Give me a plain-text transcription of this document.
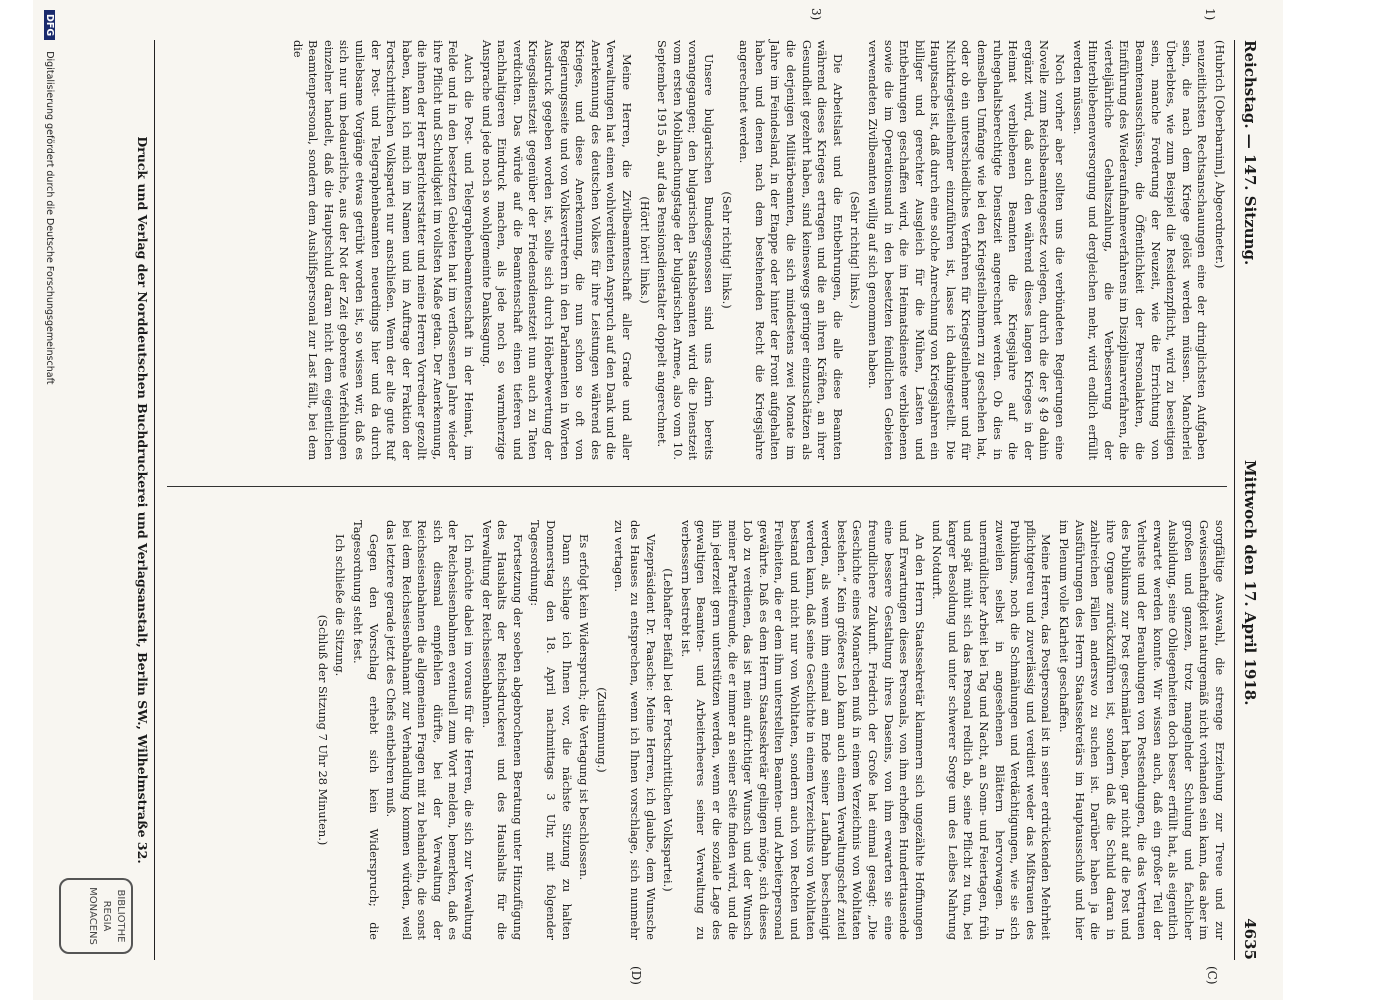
Reichstag. — 147. Sitzung.
Mittwoch den 17. April 1918.
4635
1)
3)
(C)
(D)

(Hubrich [Oberbarnim], Abgeordneter.)

neuzeitlichsten Rechtsanschauungen eine der dringlichsten Aufgaben sein, die nach dem Kriege gelöst werden müssen. Mancherlei Überlebtes, wie zum Beispiel die Residenzpflicht, wird zu beseitigen sein, manche Forderung der Neuzeit, wie die Errichtung von Beamtenausschüssen, die Öffentlichkeit der Personalakten, die Einführung des Wiederaufnahmeverfahrens im Disziplinarverfahren, die vierteljährliche Gehaltszahlung, die Verbesserung der Hinterbliebenenversorgung und dergleichen mehr, wird endlich erfüllt werden müssen.

Noch vorher aber sollten uns die verbündeten Regierungen eine Novelle zum Reichsbeamtengesetz vorlegen, durch die der § 49 dahin ergänzt wird, daß auch den während dieses langen Krieges in der Heimat verbliebenen Beamten die Kriegsjahre auf die ruhegehaltsberechtigte Dienstzeit angerechnet werden. Ob dies in demselben Umfange wie bei den Kriegsteilnehmern zu geschehen hat, oder ob ein unterschiedliches Verfahren für Kriegsteilnehmer und für Nichtkriegsteilnehmer einzuführen ist, lasse ich dahingestellt. Die Hauptsache ist, daß durch eine solche Anrechnung von Kriegsjahren ein billiger und gerechter Ausgleich für die Mühen, Lasten und Entbehrungen geschaffen wird, die im Heimatsdienste verbliebenen sowie die im Operationsund in den besetzten feindlichen Gebieten verwendeten Zivilbeamten willig auf sich genommen haben.

(Sehr richtig! links.)

Die Arbeitslast und die Entbehrungen, die alle diese Beamten während dieses Krieges ertragen und die an ihren Kräften, an ihrer Gesundheit gezehrt haben, sind keineswegs geringer einzuschätzen als die derjenigen Militärbeamten, die sich mindestens zwei Monate im Jahre im Feindesland, in der Etappe oder hinter der Front aufgehalten haben und denen nach dem bestehenden Recht die Kriegsjahre angerechnet werden.

(Sehr richtig! links.)

Unsere bulgarischen Bundesgenossen sind uns darin bereits vorangegangen; den bulgarischen Staatsbeamten wird die Dienstzeit vom ersten Mobilmachungstage der bulgarischen Armee, also vom 10. September 1915 ab, auf das Pensionsdienstalter doppelt angerechnet.

(Hört! hört! links.)

Meine Herren, die Zivilbeamtenschaft aller Grade und aller Verwaltungen hat einen wohlverdienten Anspruch auf den Dank und die Anerkennung des deutschen Volkes für ihre Leistungen während des Krieges, und diese Anerkennung, die nun schon so oft von Regierungsseite und von Volksvertretern in den Parlamenten in Worten Ausdruck gegeben worden ist, sollte sich durch Höherbewertung der Kriegsdienstzeit gegenüber der Friedensdienstzeit nun auch zu Taten verdichten. Das würde auf die Beamtenschaft einen tieferen und nachhaltigeren Eindruck machen, als jede noch so warmherzige Ansprache und jede noch so wohlgemeinte Danksagung.

Auch die Post- und Telegraphenbeamtenschaft in der Heimat, im Felde und in den besetzten Gebieten hat im verflossenen Jahre wieder ihre Pflicht und Schuldigkeit im vollsten Maße getan. Der Anerkennung, die ihnen der Herr Berichterstatter und meine Herren Vorredner gezollt haben, kann ich mich im Namen und im Auftrage der Fraktion der Fortschrittlichen Volkspartei nur anschließen. Wenn der alte gute Ruf der Post- und Telegraphenbeamten neuerdings hier und da durch unliebsame Vorgänge etwas getrübt worden ist, so wissen wir, daß es sich nur um bedauerliche, aus der Not der Zeit geborene Verfehlungen einzelner handelt, daß die Hauptschuld daran nicht dem eigentlichen Beamtenpersonal, sondern dem Aushilfspersonal zur Last fällt, bei dem die

sorgfältige Auswahl, die strenge Erziehung zur Treue und zur Gewissenhaftigkeit naturgemäß nicht vorhanden sein kann, das aber im großen und ganzen, trotz mangelnder Schulung und fachlicher Ausbildung, seine Obliegenheiten doch besser erfüllt hat, als eigentlich erwartet werden konnte. Wir wissen auch, daß ein großer Teil der Verluste und der Beraubungen von Postsendungen, die das Vertrauen des Publikums zur Post geschmälert haben, gar nicht auf die Post und ihre Organe zurückzuführen ist, sondern daß die Schuld daran in zahlreichen Fällen anderswo zu suchen ist. Darüber haben ja die Ausführungen des Herrn Staatssekretärs im Hauptausschuß und hier im Plenum volle Klarheit geschaffen.

Meine Herren, das Postpersonal ist in seiner erdrückenden Mehrheit pflichtgetreu und zuverlässig und verdient weder das Mißtrauen des Publikums, noch die Schmähungen und Verdächtigungen, wie sie sich zuweilen selbst in angesehenen Blättern hervorwagen. In unermüdlicher Arbeit bei Tag und Nacht, an Sonn- und Feiertagen, früh und spät müht sich das Personal redlich ab, seine Pflicht zu tun, bei karger Besoldung und unter schwerer Sorge um des Leibes Nahrung und Notdurft.

An den Herrn Staatssekretär klammern sich ungezählte Hoffnungen und Erwartungen dieses Personals, von ihm erhoffen Hunderttausende eine bessere Gestaltung ihres Daseins, von ihm erwarten sie eine freundlichere Zukunft. Friedrich der Große hat einmal gesagt: „Die Geschichte eines Monarchen muß in einem Verzeichnis von Wohltaten bestehen.“ Kein größeres Lob kann auch einem Verwaltungschef zuteil werden, als wenn ihm einmal am Ende seiner Laufbahn bescheinigt werden kann, daß seine Geschichte in einem Verzeichnis von Wohltaten bestand und nicht nur von Wohltaten, sondern auch von Rechten und Freiheiten, die er dem ihm unterstellten Beamten- und Arbeiterpersonal gewährte. Daß es dem Herrn Staatssekretär gelingen möge, sich dieses Lob zu verdienen, das ist mein aufrichtiger Wunsch und der Wunsch meiner Parteifreunde, die er immer an seiner Seite finden wird, und die ihn jederzeit gern unterstützen werden, wenn er die soziale Lage des gewaltigen Beamten- und Arbeiterheeres seiner Verwaltung zu verbessern bestrebt ist.

(Lebhafter Beifall bei der Fortschrittlichen Volkspartei.)

Vizepräsident Dr. Paasche: Meine Herren, ich glaube, dem Wunsche des Hauses zu entsprechen, wenn ich Ihnen vorschlage, sich nunmehr zu vertagen.

(Zustimmung.)

Es erfolgt kein Widerspruch; die Vertagung ist beschlossen.

Dann schlage ich Ihnen vor, die nächste Sitzung zu halten Donnerstag den 18. April nachmittags 3 Uhr, mit folgender Tagesordnung:

Fortsetzung der soeben abgebrochenen Beratung unter Hinzufügung des Haushalts der Reichsdruckerei und des Haushalts für die Verwaltung der Reichseisenbahnen.

Ich möchte dabei im voraus für die Herren, die sich zur Verwaltung der Reichseisenbahnen eventuell zum Wort melden, bemerken, daß es sich diesmal empfehlen dürfte, bei der Verwaltung der Reichseisenbahnen die allgemeinen Fragen mit zu behandeln, die sonst bei dem Reichseisenbahnamt zur Verhandlung kommen würden, weil das letztere gerade jetzt des Chefs entbehren muß.

Gegen den Vorschlag erhebt sich kein Widerspruch; die Tagesordnung steht fest.

Ich schließe die Sitzung.

(Schluß der Sitzung 7 Uhr 28 Minuten.)

Druck und Verlag der Norddeutschen Buchdruckerei und Verlagsanstalt, Berlin SW., Wilhelmstraße 32.
BIBLIOTHE
REGIA
MONACENS
DFG Digitalisierung gefördert durch die Deutsche Forschungsgemeinschaft
